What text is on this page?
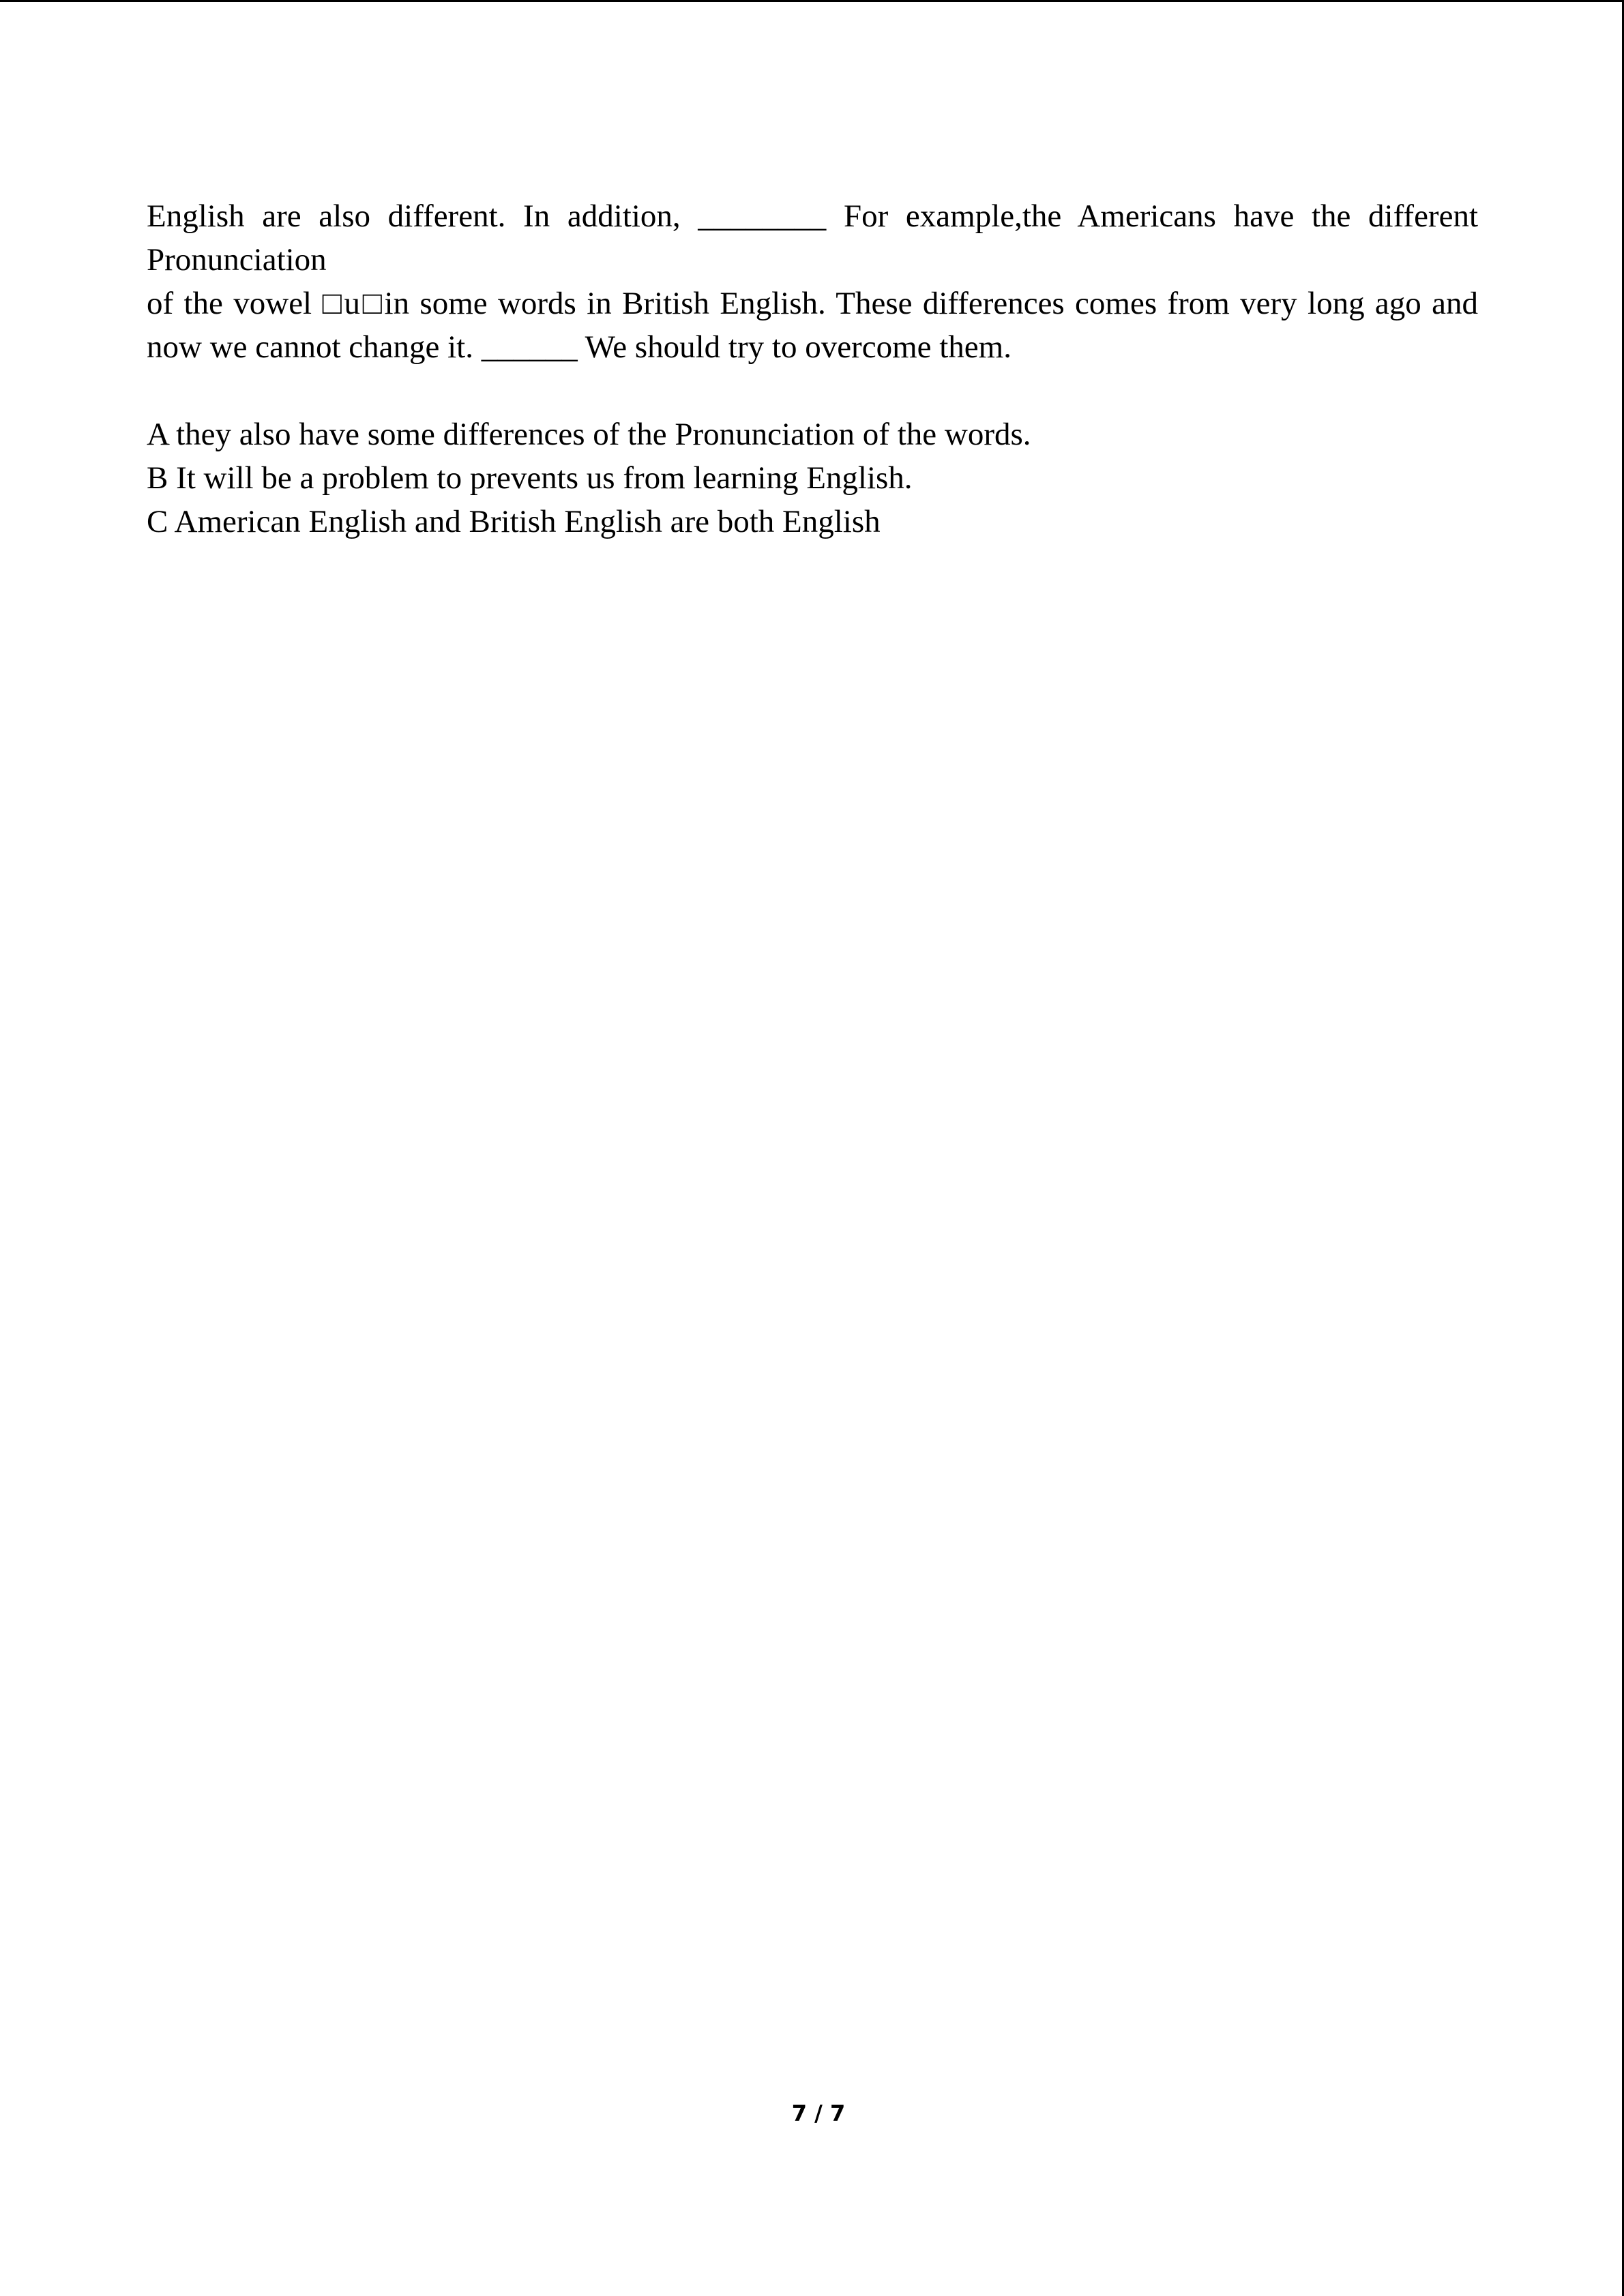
English are also different. In addition, ________ For example,the Americans have the different

Pronunciation

of the vowel □u□in some words in British English. These differences comes from very long ago and

now we cannot change it. ______ We should try to overcome them.

A they also have some differences of the Pronunciation of the words.

B It will be a problem to prevents us from learning English.

C American English and British English are both English

7 / 7
